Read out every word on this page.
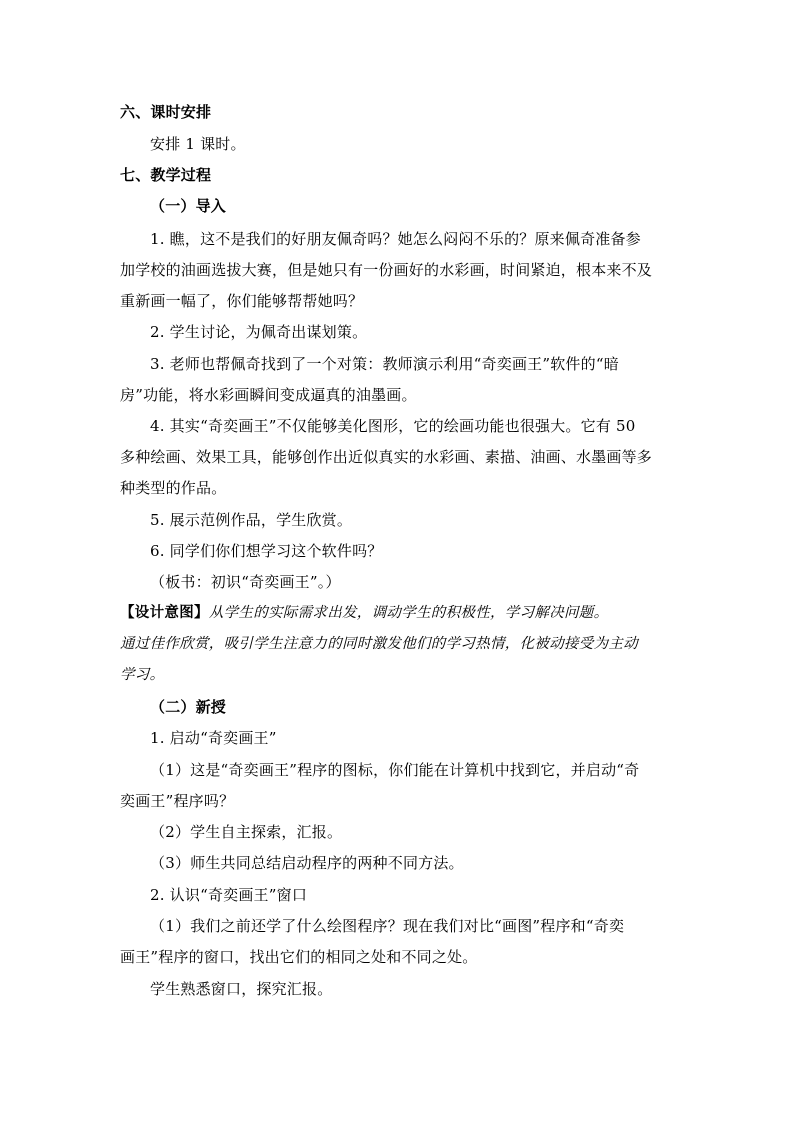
六、课时安排
安排 1 课时。
七、教学过程
（一）导入
1. 瞧，这不是我们的好朋友佩奇吗？她怎么闷闷不乐的？原来佩奇准备参
加学校的油画选拔大赛，但是她只有一份画好的水彩画，时间紧迫，根本来不及
重新画一幅了，你们能够帮帮她吗？
2. 学生讨论，为佩奇出谋划策。
3. 老师也帮佩奇找到了一个对策：教师演示利用“奇奕画王”软件的“暗
房”功能，将水彩画瞬间变成逼真的油墨画。
4. 其实“奇奕画王”不仅能够美化图形，它的绘画功能也很强大。它有 50
多种绘画、效果工具，能够创作出近似真实的水彩画、素描、油画、水墨画等多
种类型的作品。
5. 展示范例作品，学生欣赏。
6. 同学们你们想学习这个软件吗？
（板书：初识“奇奕画王”。）
【设计意图】从学生的实际需求出发，调动学生的积极性，学习解决问题。
通过佳作欣赏，吸引学生注意力的同时激发他们的学习热情，化被动接受为主动
学习。
（二）新授
1. 启动“奇奕画王”
（1）这是“奇奕画王”程序的图标，你们能在计算机中找到它，并启动“奇
奕画王”程序吗？
（2）学生自主探索，汇报。
（3）师生共同总结启动程序的两种不同方法。
2. 认识“奇奕画王”窗口
（1）我们之前还学了什么绘图程序？现在我们对比“画图”程序和“奇奕
画王”程序的窗口，找出它们的相同之处和不同之处。
学生熟悉窗口，探究汇报。
